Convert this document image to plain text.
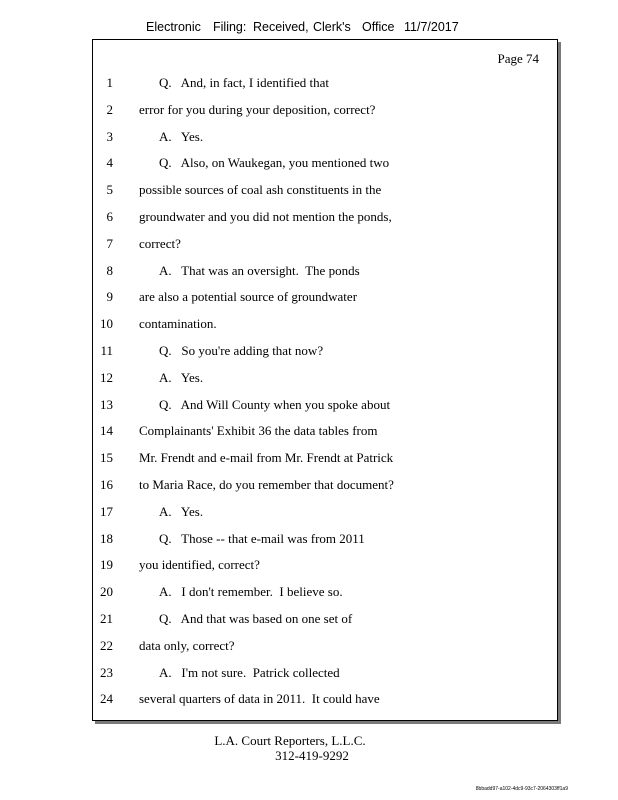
Electronic Filing: Received, Clerk's Office 11/7/2017
Page 74
1	Q.   And, in fact, I identified that
2 error for you during your deposition, correct?
3	A.   Yes.
4	Q.   Also, on Waukegan, you mentioned two
5 possible sources of coal ash constituents in the
6 groundwater and you did not mention the ponds,
7 correct?
8	A.   That was an oversight.  The ponds
9 are also a potential source of groundwater
10 contamination.
11	Q.   So you're adding that now?
12	A.   Yes.
13	Q.   And Will County when you spoke about
14 Complainants' Exhibit 36 the data tables from
15 Mr. Frendt and e-mail from Mr. Frendt at Patrick
16 to Maria Race, do you remember that document?
17	A.   Yes.
18	Q.   Those -- that e-mail was from 2011
19 you identified, correct?
20	A.   I don't remember.  I believe so.
21	Q.   And that was based on one set of
22 data only, correct?
23	A.   I'm not sure.  Patrick collected
24 several quarters of data in 2011.  It could have
L.A. Court Reporters, L.L.C.
312-419-9292
8bbadd97-a102-4dc9-93c7-2064303ff1a9
